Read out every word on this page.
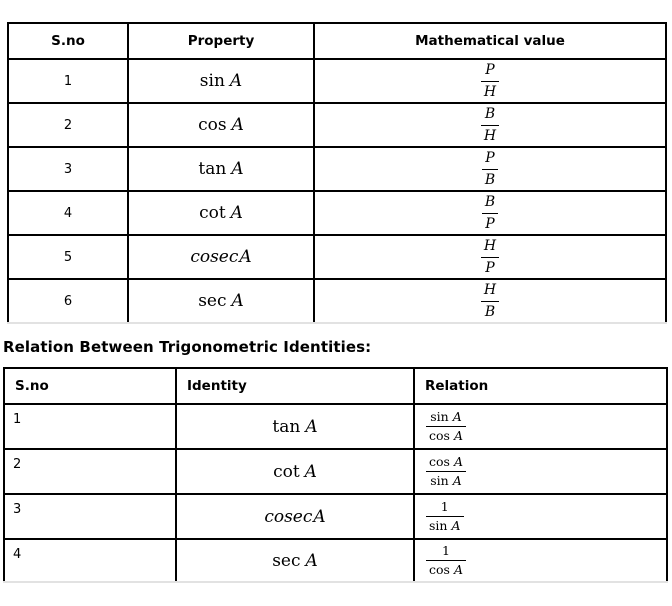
S.no	Property	Mathematical value
1	sin A	$\frac{P}{H}$

2	cos A	$\frac{B}{H}$

3	tan A	$\frac{P}{B}$

4	cot A	$\frac{B}{P}$

5	cosecA	$\frac{H}{P}$

6	sec A	$\frac{H}{B}$
Relation Between Trigonometric Identities:
S.no	Identity	Relation
1	tan A	$\frac{\text{sin A}}{\text{cos A}}$

2	cot A	$\frac{\text{cos A}}{\text{sin A}}$

3	cosecA	$\frac{1}{\text{sin A}}$

4	sec A	$\frac{1}{\text{cos A}}$
